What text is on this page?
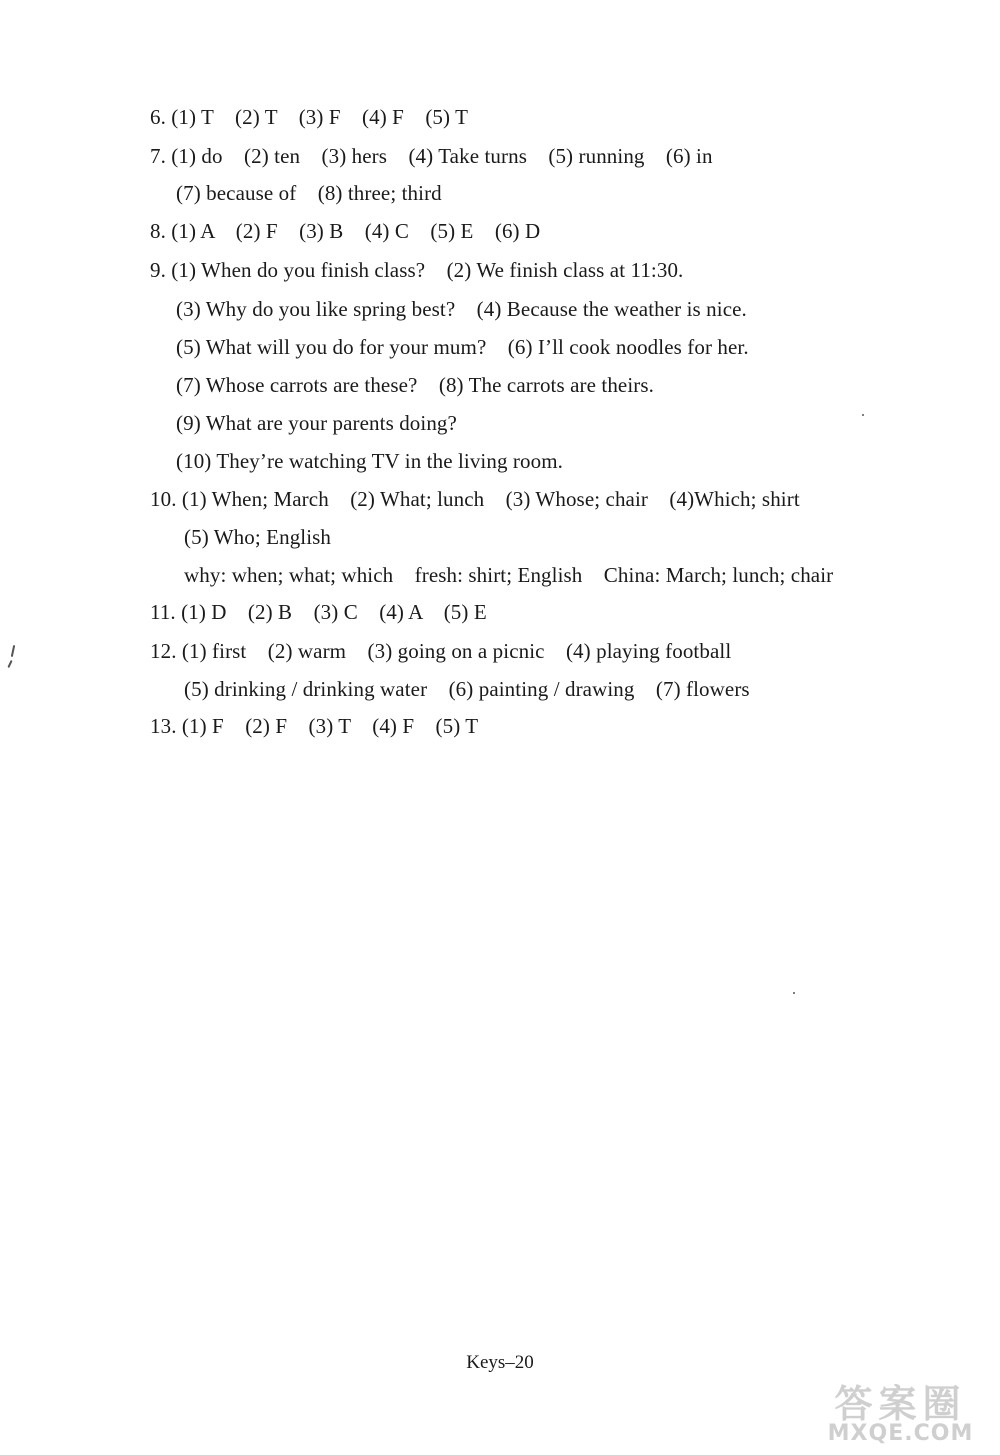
6. (1) T    (2) T    (3) F    (4) F    (5) T
7. (1) do    (2) ten    (3) hers    (4) Take turns    (5) running    (6) in
(7) because of    (8) three; third
8. (1) A    (2) F    (3) B    (4) C    (5) E    (6) D
9. (1) When do you finish class?    (2) We finish class at 11:30.
(3) Why do you like spring best?    (4) Because the weather is nice.
(5) What will you do for your mum?    (6) I’ll cook noodles for her.
(7) Whose carrots are these?    (8) The carrots are theirs.
(9) What are your parents doing?
(10) They’re watching TV in the living room.
10. (1) When; March    (2) What; lunch    (3) Whose; chair    (4)Which; shirt
(5) Who; English
why: when; what; which    fresh: shirt; English    China: March; lunch; chair
11. (1) D    (2) B    (3) C    (4) A    (5) E
12. (1) first    (2) warm    (3) going on a picnic    (4) playing football
(5) drinking / drinking water    (6) painting / drawing    (7) flowers
13. (1) F    (2) F    (3) T    (4) F    (5) T
Keys–20
答案圈
MXQE.COM
